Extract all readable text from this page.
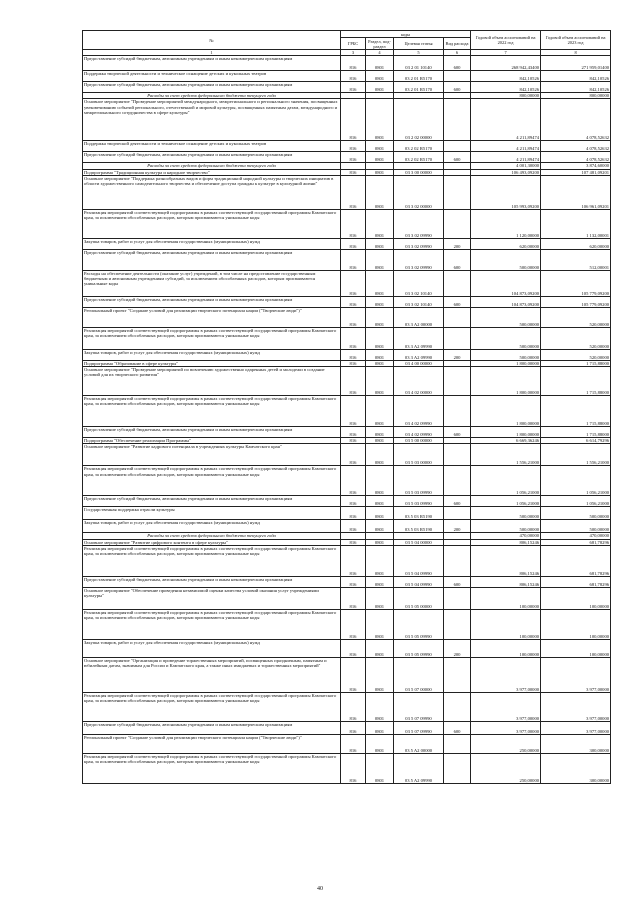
№	коды				Годовой объем ассигнований на 2022 год	Годовой объем ассигнований на 2023 год
	ГРБС	Раздел, под-раздел	Целевая статья	Вид расхода		
1	3	4	5	6	7	8
Предоставление субсидий бюджетным, автономным учреждениям и иным некоммерческим организациям	816	0801	03 2 01 10140	600	268 942,43400	271 959,01400
Поддержка творческой деятельности и техническое оснащение детских и кукольных театров	816	0801	03 2 01 R5170		842,10526	842,10526
Предоставление субсидий бюджетным, автономным учреждениям и иным некоммерческим организациям	816	0801	03 2 01 R5170	600	842,10526	842,10526
Расходы за счет средств федерального бюджета текущего года					800,00000	800,00000
Основное мероприятие "Проведение мероприятий международного, межрегионального и регионального значения, посвященных увековечиванию событий регионального, отечественной и мировой культуры, посвященных памятным датам, международного и межрегионального сотрудничества в сфере культуры"	816	0801	03 2 02 00000		4 211,89474	4 078,52632
Поддержка творческой деятельности и техническое оснащение детских и кукольных театров	816	0801	03 2 02 R5170		4 211,89474	4 078,52632
Предоставление субсидий бюджетным, автономным учреждениям и иным некоммерческим организациям	816	0801	03 2 02 R5170	600	4 211,89474	4 078,52632
Расходы за счет средств федерального бюджета текущего года					4 001,30000	3 874,60000
Подпрограмма "Традиционная культура и народное творчество"	816	0801	03 3 00 00000		106 493,09200	107 481,09201
Основное мероприятие "Поддержка разнообразных видов и форм традиционной народной культуры и творческих инициатив в области художественного самодеятельного творчества и обеспечение доступа граждан к культуре в культурной жизни"	816	0801	03 3 02 00000		105 993,09200	106 961,09201
Реализация мероприятий соответствующей подпрограммы в рамках соответствующей государственной программы Камчатского края, за исключением обособленных расходов, которым присваиваются уникальные коды	816	0801	03 3 02 09990		1 120,00000	1 132,00001
Закупка товаров, работ и услуг для обеспечения государственных (муниципальных) нужд	816	0801	03 3 02 09990	200	620,00000	620,00000
Предоставление субсидий бюджетным, автономным учреждениям и иным некоммерческим организациям	816	0801	03 3 02 09990	600	500,00000	512,00001
Расходы на обеспечение деятельности (оказание услуг) учреждений, в том числе на предоставление государственным бюджетным и автономным учреждениям субсидий, за исключением обособленных расходов, которым присваиваются уникальные коды	816	0801	03 3 02 10140		104 873,09200	105 779,09200
Предоставление субсидий бюджетным, автономным учреждениям и иным некоммерческим организациям	816	0801	03 3 02 10140	600	104 873,09200	105 779,09200
Региональный проект "Создание условий для реализации творческого потенциала нации ("Творческие люди")"	816	0801	03 3 A2 00000		500,00000	520,00000
Реализация мероприятий соответствующей подпрограммы в рамках соответствующей государственной программы Камчатского края, за исключением обособленных расходов, которым присваиваются уникальные коды	816	0801	03 3 A2 09990		500,00000	520,00000
Закупка товаров, работ и услуг для обеспечения государственных (муниципальных) нужд	816	0801	03 3 A2 09990	200	500,00000	520,00000
Подпрограмма "Образование в сфере культуры"	816	0801	03 4 00 00000		1 800,00000	1 715,88000
Основное мероприятие "Проведение мероприятий по вовлечению художественно одаренных детей и молодежи в создание условий для их творческого развития"	816	0801	03 4 02 00000		1 800,00000	1 715,88000
Реализация мероприятий соответствующей подпрограммы в рамках соответствующей государственной программы Камчатского края, за исключением обособленных расходов, которым присваиваются уникальные коды	816	0801	03 4 02 09990		1 800,00000	1 715,88000
Предоставление субсидий бюджетным, автономным учреждениям и иным некоммерческим организациям	816	0801	03 4 02 09990	600	1 800,00000	1 715,88000
Подпрограмма "Обеспечение реализации Программы"	816	0801	03 5 00 00000		6 669,36246	6 614,79296
Основное мероприятие "Развитие кадрового потенциала в учреждениях культуры Камчатского края"	816	0801	03 5 03 00000		1 556,21000	1 556,21000
Реализация мероприятий соответствующей подпрограммы в рамках соответствующей государственной программы Камчатского края, за исключением обособленных расходов, которым присваиваются уникальные коды	816	0801	03 5 03 09990		1 056,21000	1 056,21000
Предоставление субсидий бюджетным, автономным учреждениям и иным некоммерческим организациям	816	0801	03 5 03 09990	600	1 056,21000	1 056,21000
Государственная поддержка отрасли культуры	816	0801	03 5 03 R5190		500,00000	500,00000
Закупка товаров, работ и услуг для обеспечения государственных (муниципальных) нужд	816	0801	03 5 03 R5190	200	500,00000	500,00000
Расходы за счет средств федерального бюджета текущего года					470,00000	470,00000
Основное мероприятие "Развитие цифрового контента в сфере культуры"	816	0801	03 5 04 00000		806,15246	681,78296
Реализация мероприятий соответствующей подпрограммы в рамках соответствующей государственной программы Камчатского края, за исключением обособленных расходов, которым присваиваются уникальные коды	816	0801	03 5 04 09990		806,15246	681,78296
Предоставление субсидий бюджетным, автономным учреждениям и иным некоммерческим организациям	816	0801	03 5 04 09990	600	806,15246	681,78296
Основное мероприятие "Обеспечение проведения независимой оценки качества условий оказания услуг учреждениями культуры"	816	0801	03 5 05 00000		100,00000	100,00000
Реализация мероприятий соответствующей подпрограммы в рамках соответствующей государственной программы Камчатского края, за исключением обособленных расходов, которым присваиваются уникальные коды	816	0801	03 5 05 09990		100,00000	100,00000
Закупка товаров, работ и услуг для обеспечения государственных (муниципальных) нужд	816	0801	03 5 05 09990	200	100,00000	100,00000
Основное мероприятие "Организация и проведение торжественных мероприятий, посвященных праздничным, памятным и юбилейным датам, значимым для России и Камчатского края, а также иных имиджевых и торжественных мероприятий"	816	0801	03 5 07 00000		3 977,00000	3 977,00000
Реализация мероприятий соответствующей подпрограммы в рамках соответствующей государственной программы Камчатского края, за исключением обособленных расходов, которым присваиваются уникальные коды	816	0801	03 5 07 09990		3 977,00000	3 977,00000
Предоставление субсидий бюджетным, автономным учреждениям и иным некоммерческим организациям	816	0801	03 5 07 09990	600	3 977,00000	3 977,00000
Региональный проект "Создание условий для реализации творческого потенциала нации ("Творческие люди")"	816	0801	03 5 A2 00000		250,00000	300,00000
Реализация мероприятий соответствующей подпрограммы в рамках соответствующей государственной программы Камчатского края, за исключением обособленных расходов, которым присваиваются уникальные коды	816	0801	03 5 A2 09990		250,00000	300,00000
40
